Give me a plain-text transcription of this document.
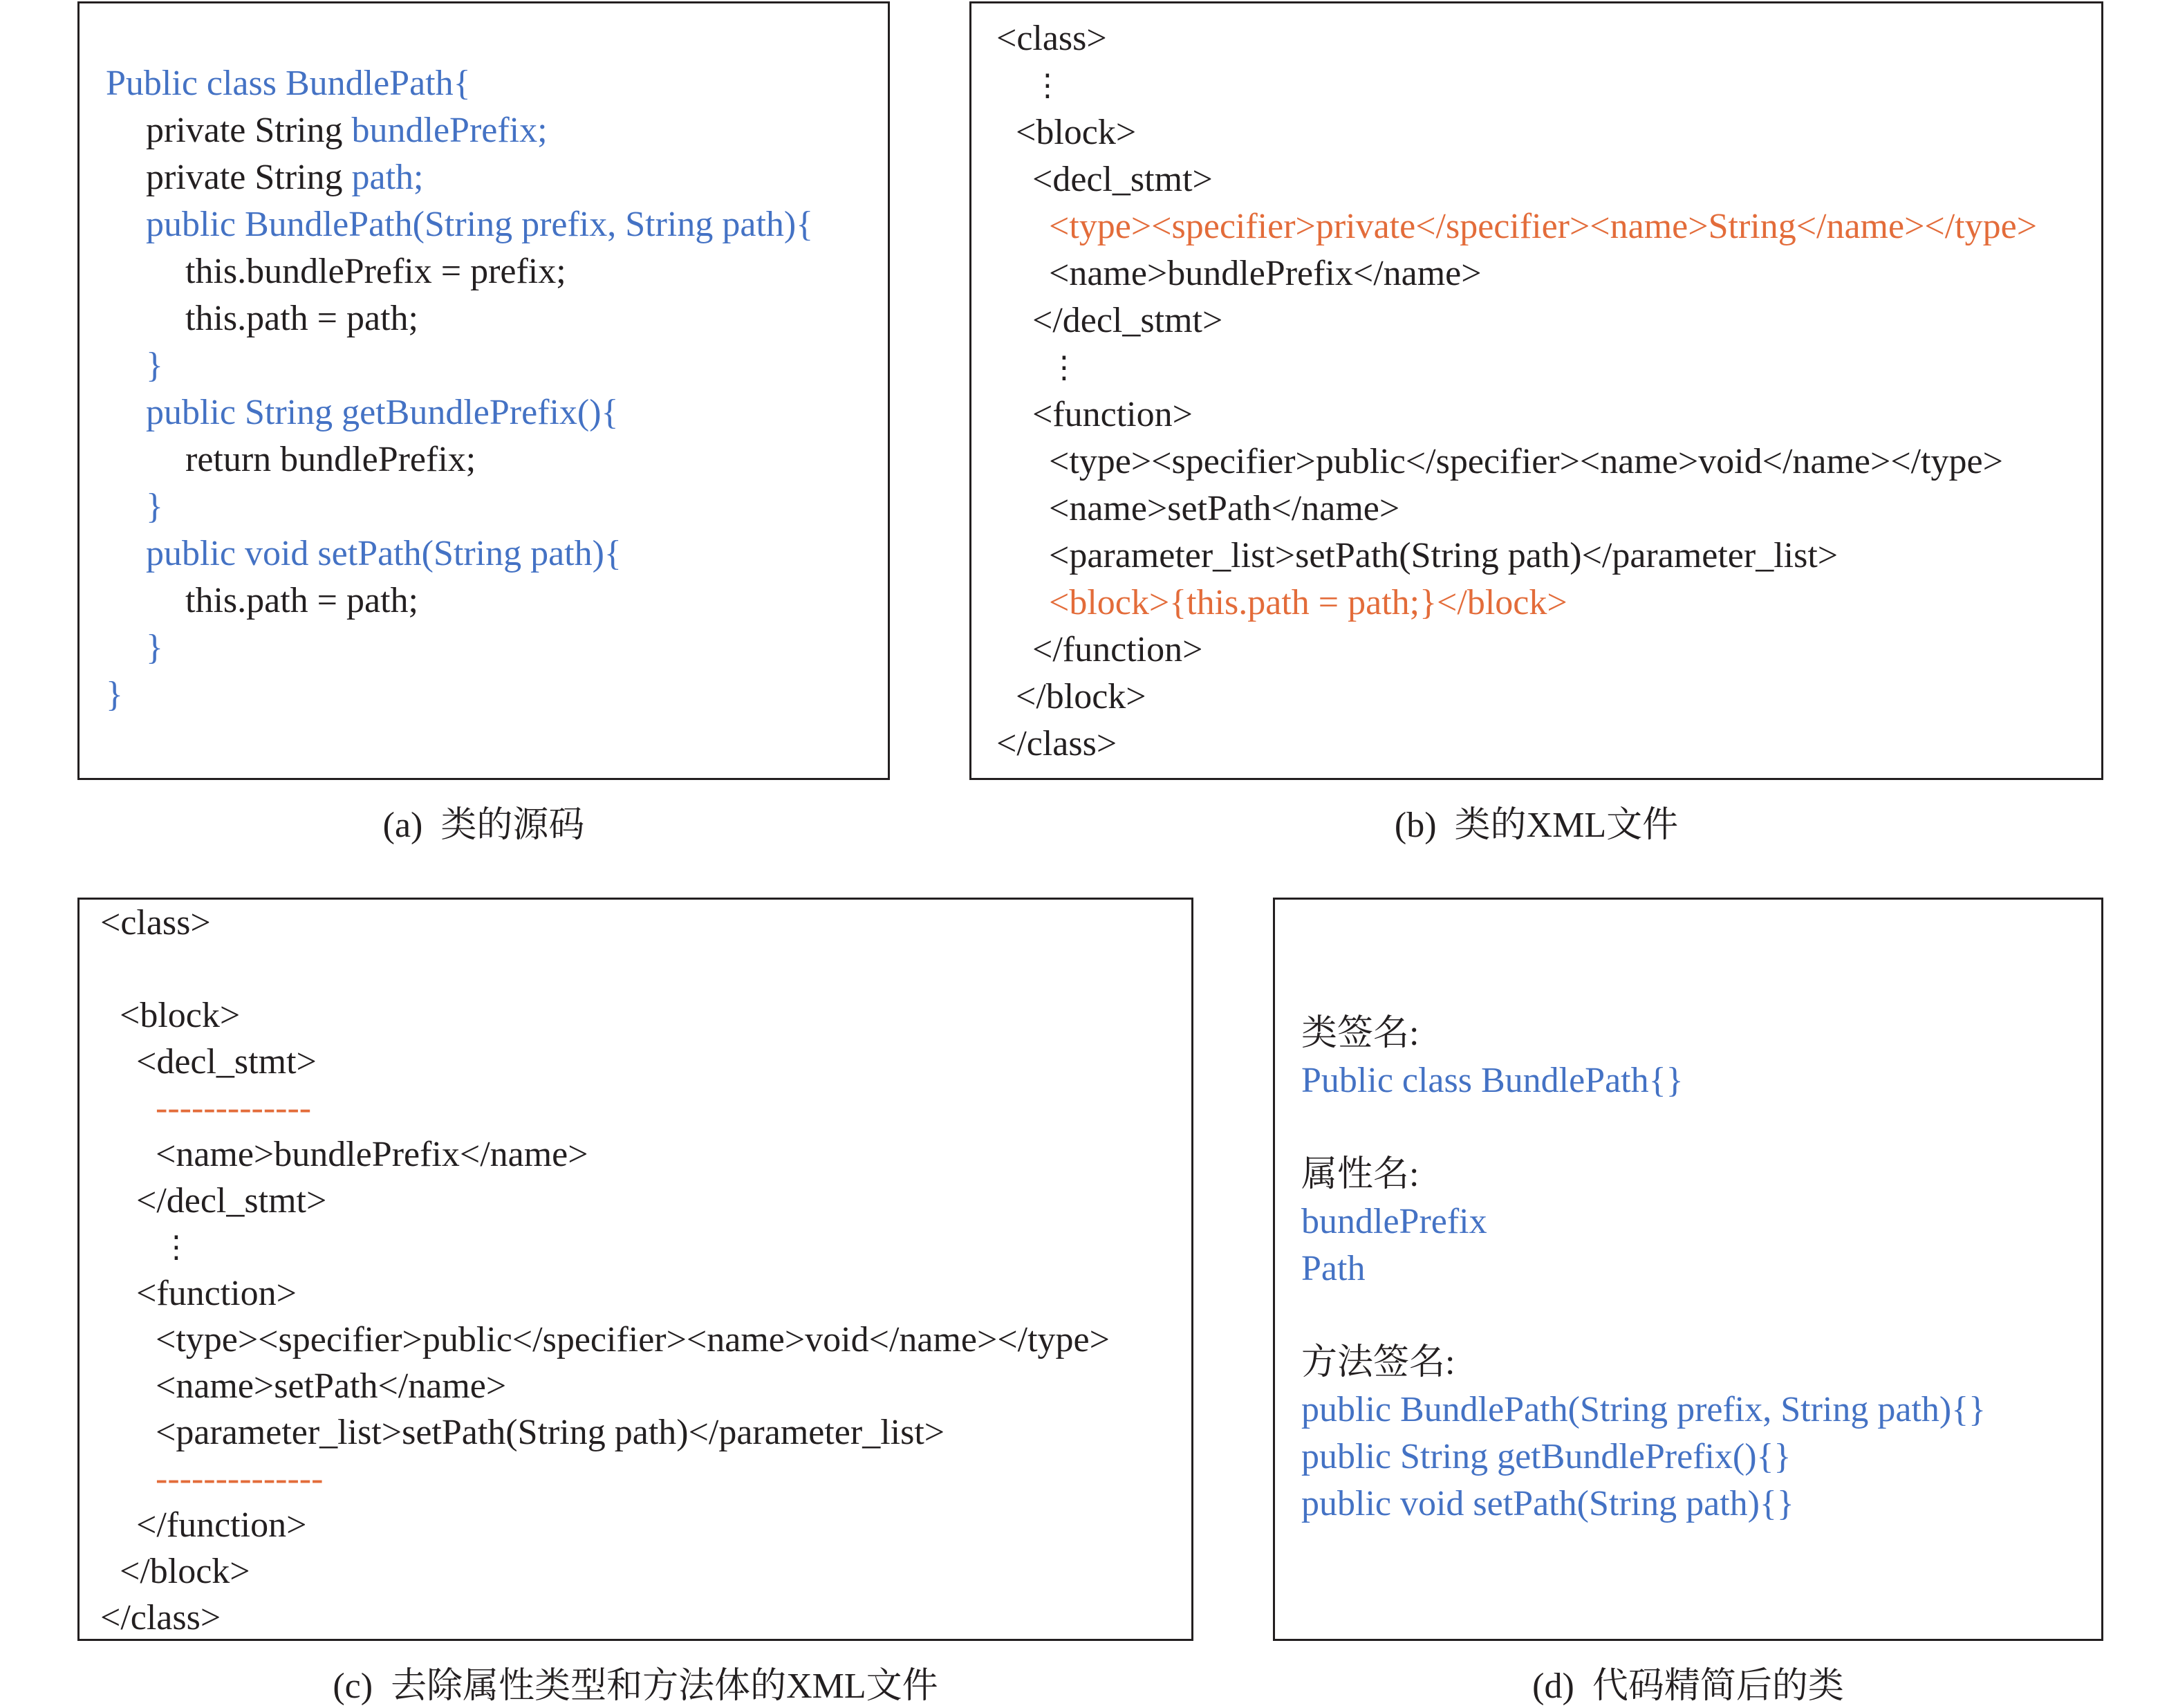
Public class BundlePath{
private String bundlePrefix;
private String path;
public BundlePath(String prefix, String path){
this.bundlePrefix = prefix;
this.path = path;
}
public String getBundlePrefix(){
return bundlePrefix;
}
public void setPath(String path){
this.path = path;
}
}
(a) 类的源码
<class>
⋮
<block>
<decl_stmt>
<type><specifier>private</specifier><name>String</name></type>
<name>bundlePrefix</name>
</decl_stmt>
⋮
<function>
<type><specifier>public</specifier><name>void</name></type>
<name>setPath</name>
<parameter_list>setPath(String path)</parameter_list>
<block>{this.path = path;}</block>
</function>
</block>
</class>
(b) 类的XML文件
<class>
<block>
<decl_stmt>
-------------
<name>bundlePrefix</name>
</decl_stmt>
⋮
<function>
<type><specifier>public</specifier><name>void</name></type>
<name>setPath</name>
<parameter_list>setPath(String path)</parameter_list>
--------------
</function>
</block>
</class>
(c) 去除属性类型和方法体的XML文件
类签名:
Public class BundlePath{}
属性名:
bundlePrefix
Path
方法签名:
public BundlePath(String prefix, String path){}
public String getBundlePrefix(){}
public void setPath(String path){}
(d) 代码精简后的类
